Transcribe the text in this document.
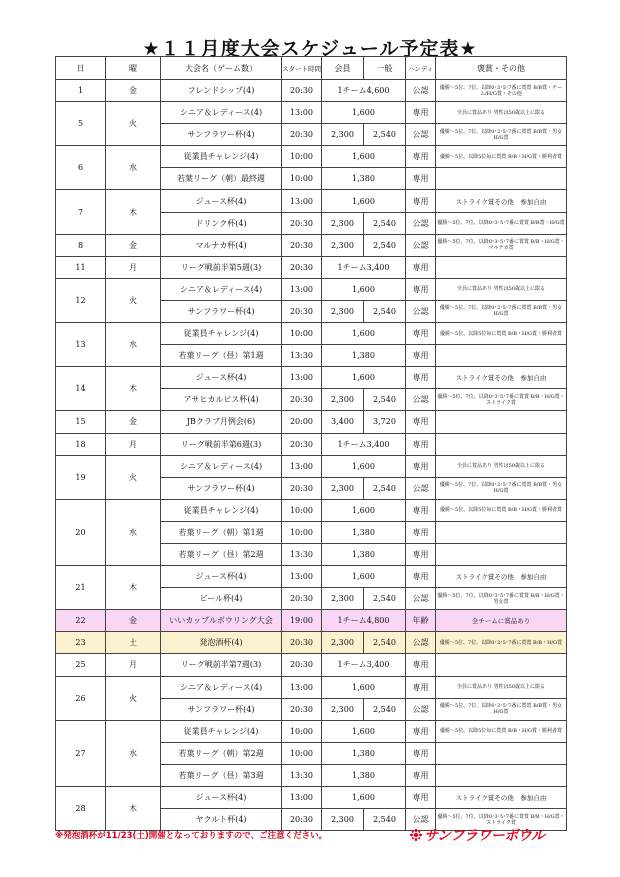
★１１月度大会スケジュール予定表★
日	曜	大会名（ゲーム数）	スタート時間	会員	一般	ハンディ	褒賞・その他
1	金	フレンドシップ(4)	20:30	1チーム4,600		公認	優勝～5位、7位、以降0･3･5･7番に賞賞 B/B賞・チーム/H/G賞・その他
5	火	シニア＆レディース(4)	13:00	1,600		専用	全員に賞品あり 男性は50歳以上に限る
		サンフラワー杯(4)	20:30	2,300	2,540	公認	優勝～5位、7位、以降0･3･5･7番に賞賞 B/B賞・男女H/G賞
6	水	従業員チャレンジ(4)	10:00	1,600		専用	優勝～5位、以降5位毎に賞賞 B/B・H/G賞・勝利者賞
		若葉リーグ（朝）最終週	10:00	1,380		専用	
7	木	ジュース杯(4)	13:00	1,600		専用	ストライク賞その他　参加自由
		ドリンク杯(4)	20:30	2,300	2,540	公認	優勝～5位、7位、以降0･3･5･7番に賞賞 B/B賞・H/G賞
8	金	マルナカ杯(4)	20:30	2,300	2,540	公認	優勝～5位、7位、以降0･3･5･7番に賞賞 B/B・H/G賞・マルナカ賞
11	月	リーグ戦前半第5週(3)	20:30	1チーム3,400		専用	
12	火	シニア＆レディース(4)	13:00	1,600		専用	全員に賞品あり 男性は50歳以上に限る
		サンフラワー杯(4)	20:30	2,300	2,540	公認	優勝～5位、7位、以降0･3･5･7番に賞賞 B/B賞・男女H/G賞
13	水	従業員チャレンジ(4)	10:00	1,600		専用	優勝～5位、以降5位毎に賞賞 B/B・H/G賞・勝利者賞
		若葉リーグ（昼）第1週	13:30	1,380		専用	
14	木	ジュース杯(4)	13:00	1,600		専用	ストライク賞その他　参加自由
		アサヒカルピス杯(4)	20:30	2,300	2,540	公認	優勝～5位、7位、以降0･3･5･7番に賞賞 B/B・H/G賞・ストライク賞
15	金	JBクラブ月例会(6)	20:00	3,400	3,720	専用	
18	月	リーグ戦前半第6週(3)	20:30	1チーム3,400		専用	
19	火	シニア＆レディース(4)	13:00	1,600		専用	全員に賞品あり 男性は50歳以上に限る
		サンフラワー杯(4)	20:30	2,300	2,540	公認	優勝～5位、7位、以降0･3･5･7番に賞賞 B/B賞・男女H/G賞
20	水	従業員チャレンジ(4)	10:00	1,600		専用	優勝～5位、以降5位毎に賞賞 B/B・H/G賞・勝利者賞
		若葉リーグ（朝）第1週	10:00	1,380		専用	
		若葉リーグ（昼）第2週	13:30	1,380		専用	
21	木	ジュース杯(4)	13:00	1,600		専用	ストライク賞その他　参加自由
		ビール杯(4)	20:30	2,300	2,540	公認	優勝～5位、7位、以降0･3･5･7番に賞賞 B/B・H/G賞・男女賞
22	金	いいカップルボウリング大会	19:00	1チーム4,800		年齢	全チームに賞品あり
23	土	発泡酒杯(4)	20:30	2,300	2,540	公認	優勝～5位、7位、以降0･3･5･7番に賞賞 B/B・H/G賞
25	月	リーグ戦前半第7週(3)	20:30	1チーム3,400		専用	
26	火	シニア＆レディース(4)	13:00	1,600		専用	全員に賞品あり 男性は50歳以上に限る
		サンフラワー杯(4)	20:30	2,300	2,540	公認	優勝～5位、7位、以降0･3･5･7番に賞賞 B/B賞・男女H/G賞
27	水	従業員チャレンジ(4)	10:00	1,600		専用	優勝～5位、以降5位毎に賞賞 B/B・H/G賞・勝利者賞
		若葉リーグ（朝）第2週	10:00	1,380		専用	
		若葉リーグ（昼）第3週	13:30	1,380		専用	
28	木	ジュース杯(4)	13:00	1,600		専用	ストライク賞その他　参加自由
		ヤクルト杯(4)	20:30	2,300	2,540	公認	優勝～5位、7位、以降0･3･5･7番に賞賞 B/B・H/G賞・ストライク賞
※発泡酒杯が11/23(土)開催となっておりますので、ご注意ください。	サンフラワーボウル
